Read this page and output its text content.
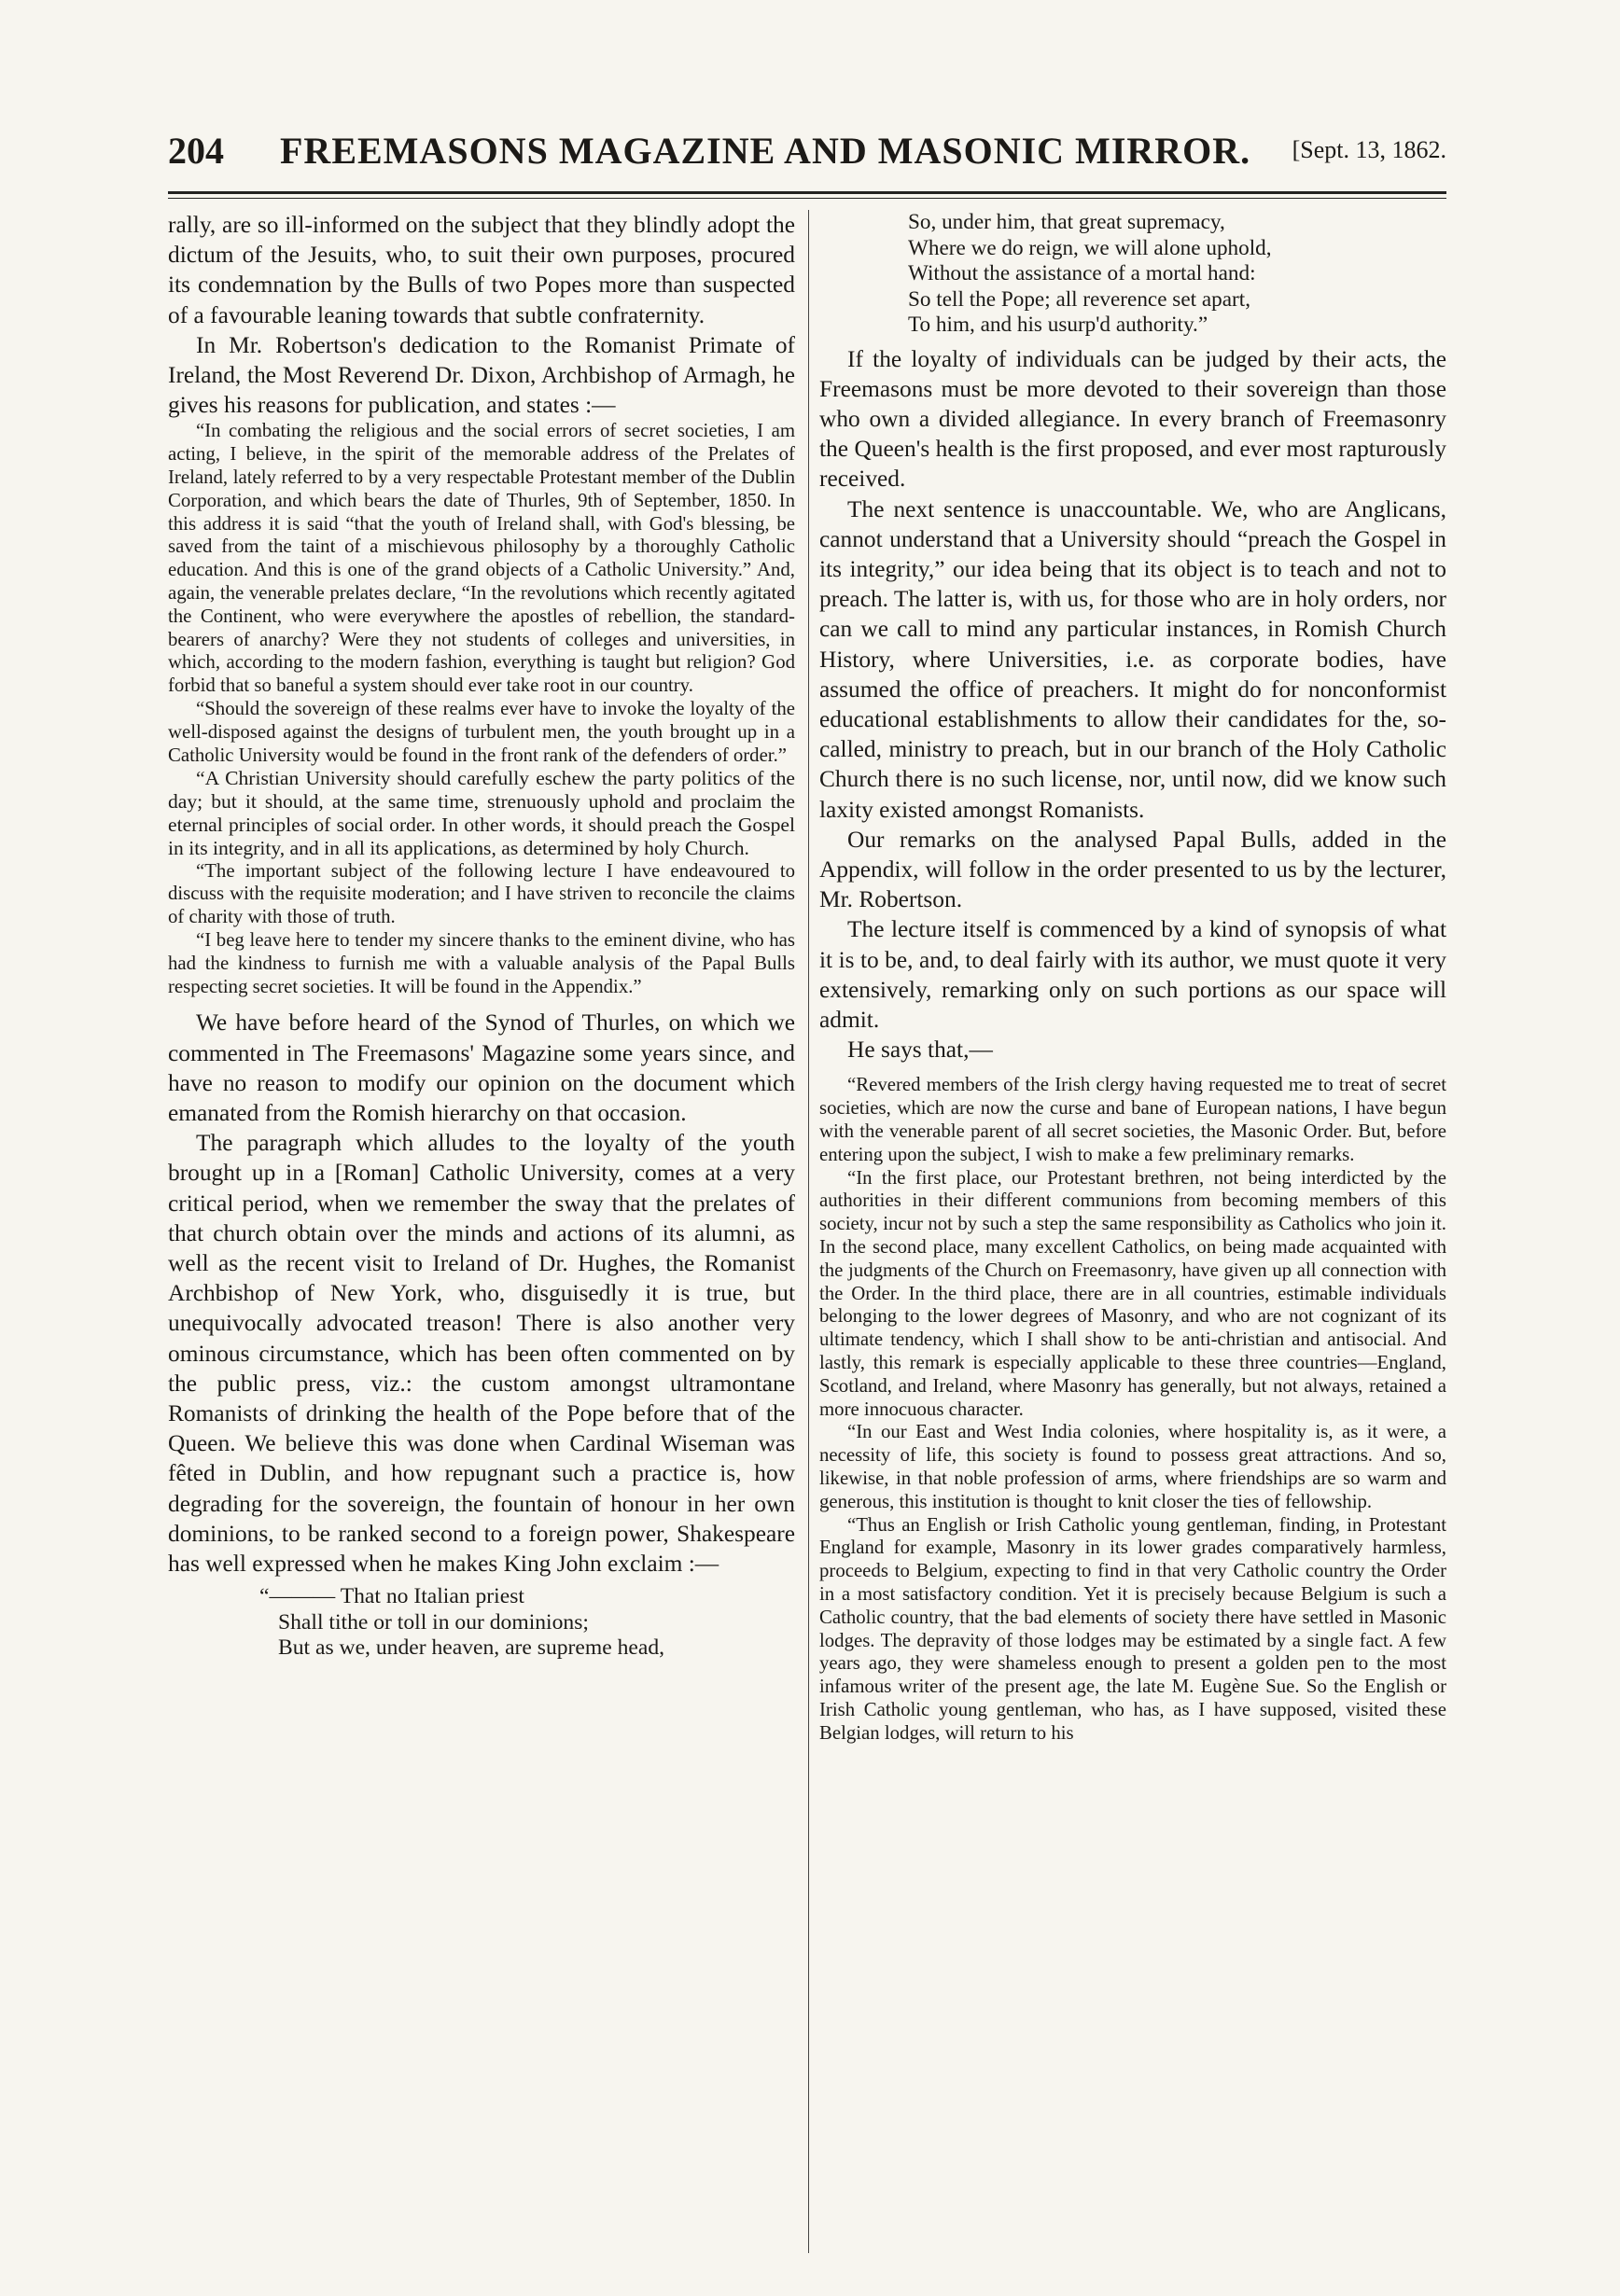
204 FREEMASONS MAGAZINE AND MASONIC MIRROR. [Sept. 13, 1862.

rally, are so ill-informed on the subject that they blindly adopt the dictum of the Jesuits, who, to suit their own purposes, procured its condemnation by the Bulls of two Popes more than suspected of a favourable leaning towards that subtle confraternity.

In Mr. Robertson's dedication to the Romanist Primate of Ireland, the Most Reverend Dr. Dixon, Archbishop of Armagh, he gives his reasons for publication, and states :—

“In combating the religious and the social errors of secret societies, I am acting, I believe, in the spirit of the memorable address of the Prelates of Ireland, lately referred to by a very respectable Protestant member of the Dublin Corporation, and which bears the date of Thurles, 9th of September, 1850. In this address it is said “that the youth of Ireland shall, with God's blessing, be saved from the taint of a mischievous philosophy by a thoroughly Catholic education. And this is one of the grand objects of a Catholic University.” And, again, the venerable prelates declare, “In the revolutions which recently agitated the Continent, who were everywhere the apostles of rebellion, the standard-bearers of anarchy? Were they not students of colleges and universities, in which, according to the modern fashion, everything is taught but religion? God forbid that so baneful a system should ever take root in our country.

“Should the sovereign of these realms ever have to invoke the loyalty of the well-disposed against the designs of turbulent men, the youth brought up in a Catholic University would be found in the front rank of the defenders of order.”

“A Christian University should carefully eschew the party politics of the day; but it should, at the same time, strenuously uphold and proclaim the eternal principles of social order. In other words, it should preach the Gospel in its integrity, and in all its applications, as determined by holy Church.

“The important subject of the following lecture I have endeavoured to discuss with the requisite moderation; and I have striven to reconcile the claims of charity with those of truth.

“I beg leave here to tender my sincere thanks to the eminent divine, who has had the kindness to furnish me with a valuable analysis of the Papal Bulls respecting secret societies. It will be found in the Appendix.”

We have before heard of the Synod of Thurles, on which we commented in The Freemasons' Magazine some years since, and have no reason to modify our opinion on the document which emanated from the Romish hierarchy on that occasion.

The paragraph which alludes to the loyalty of the youth brought up in a [Roman] Catholic University, comes at a very critical period, when we remember the sway that the prelates of that church obtain over the minds and actions of its alumni, as well as the recent visit to Ireland of Dr. Hughes, the Romanist Archbishop of New York, who, disguisedly it is true, but unequivocally advocated treason! There is also another very ominous circumstance, which has been often commented on by the public press, viz.: the custom amongst ultramontane Romanists of drinking the health of the Pope before that of the Queen. We believe this was done when Cardinal Wiseman was fêted in Dublin, and how repugnant such a practice is, how degrading for the sovereign, the fountain of honour in her own dominions, to be ranked second to a foreign power, Shakespeare has well expressed when he makes King John exclaim :—

“——— That no Italian priest
Shall tithe or toll in our dominions;
But as we, under heaven, are supreme head,
So, under him, that great supremacy,
Where we do reign, we will alone uphold,
Without the assistance of a mortal hand:
So tell the Pope; all reverence set apart,
To him, and his usurp'd authority.”

If the loyalty of individuals can be judged by their acts, the Freemasons must be more devoted to their sovereign than those who own a divided allegiance. In every branch of Freemasonry the Queen's health is the first proposed, and ever most rapturously received.

The next sentence is unaccountable. We, who are Anglicans, cannot understand that a University should “preach the Gospel in its integrity,” our idea being that its object is to teach and not to preach. The latter is, with us, for those who are in holy orders, nor can we call to mind any particular instances, in Romish Church History, where Universities, i.e. as corporate bodies, have assumed the office of preachers. It might do for nonconformist educational establishments to allow their candidates for the, so-called, ministry to preach, but in our branch of the Holy Catholic Church there is no such license, nor, until now, did we know such laxity existed amongst Romanists.

Our remarks on the analysed Papal Bulls, added in the Appendix, will follow in the order presented to us by the lecturer, Mr. Robertson.

The lecture itself is commenced by a kind of synopsis of what it is to be, and, to deal fairly with its author, we must quote it very extensively, remarking only on such portions as our space will admit.

He says that,—

“Revered members of the Irish clergy having requested me to treat of secret societies, which are now the curse and bane of European nations, I have begun with the venerable parent of all secret societies, the Masonic Order. But, before entering upon the subject, I wish to make a few preliminary remarks.

“In the first place, our Protestant brethren, not being interdicted by the authorities in their different communions from becoming members of this society, incur not by such a step the same responsibility as Catholics who join it. In the second place, many excellent Catholics, on being made acquainted with the judgments of the Church on Freemasonry, have given up all connection with the Order. In the third place, there are in all countries, estimable individuals belonging to the lower degrees of Masonry, and who are not cognizant of its ultimate tendency, which I shall show to be anti-christian and antisocial. And lastly, this remark is especially applicable to these three countries—England, Scotland, and Ireland, where Masonry has generally, but not always, retained a more innocuous character.

“In our East and West India colonies, where hospitality is, as it were, a necessity of life, this society is found to possess great attractions. And so, likewise, in that noble profession of arms, where friendships are so warm and generous, this institution is thought to knit closer the ties of fellowship.

“Thus an English or Irish Catholic young gentleman, finding, in Protestant England for example, Masonry in its lower grades comparatively harmless, proceeds to Belgium, expecting to find in that very Catholic country the Order in a most satisfactory condition. Yet it is precisely because Belgium is such a Catholic country, that the bad elements of society there have settled in Masonic lodges. The depravity of those lodges may be estimated by a single fact. A few years ago, they were shameless enough to present a golden pen to the most infamous writer of the present age, the late M. Eugène Sue. So the English or Irish Catholic young gentleman, who has, as I have supposed, visited these Belgian lodges, will return to his
